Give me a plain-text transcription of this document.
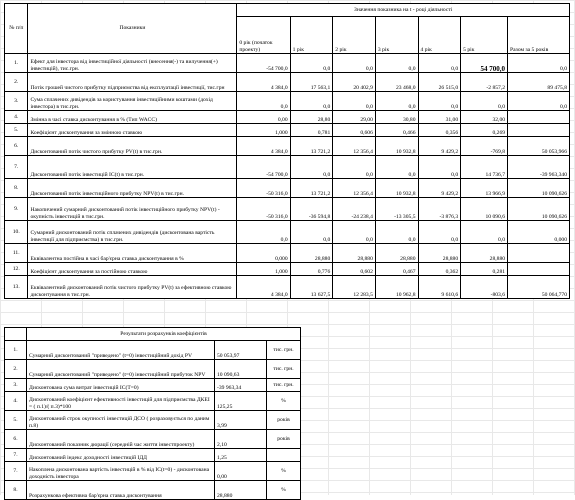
№ п/п	Показники	Значення показника на t - році діяльності						
		0 рік (початок проекту)	1 рік	2 рік	3 рік	4 рік	5 рік	Разом за 5 років
1.	Ефект для інвестора від інвестиційної діяльності (внесення(-) та вилучення(+) інвестицій), тис.грн.	-54 700,0	0,0	0,0	0,0	0,0	54 700,0	0,0
2.	Потік грошей чистого прибутку підприємства від експлуатації інвестиції, тис.грн	4 384,0	17 563,1	20 402,9	23 468,0	26 515,0	-2 857,2	89 475,8
3.	Сума сплачених дивідендів за користування інвестиційними коштами (дохід інвестора) в тис.грн.	0,0	0,0	0,0	0,0	0,0	0,0	0,0
4.	Змінна в часі ставка дисконтування в % (Тип WACC)	0,00	28,80	29,00	30,80	31,00	32,00	
5.	Коефіцієнт дисконтування за змінною ставкою	1,000	0,781	0,606	0,466	0,356	0,269	
6.	Дисконтований потік чистого прибутку PV(t) в тис.грн.	4 384,0	13 721,2	12 356,4	10 932,8	9 429,2	-769,8	50 053,966
7.	Дисконтований потік інвестицій IC(t) в тис.грн.	-54 700,0	0,0	0,0	0,0	0,0	14 736,7	-39 963,340
8.	Дисконтований потік інвестиційного прибутку NPV(t) в тис.грн.	-50 316,0	13 721,2	12 356,4	10 932,8	9 429,2	13 966,9	10 090,626
9.	Накопичений сумарний дисконтований потік інвестиційного прибутку NPV(t) - окупність інвестицій в тис.грн.	-50 316,0	-36 594,8	-24 238,4	-13 305,5	-3 876,3	10 090,6	10 090,626
10.	Сумарний дисконтований потік сплачених дивідендів (дисконтована вартість інвестиції для підприємства) в тис.грн.	0,0	0,0	0,0	0,0	0,0	0,0	0,000
11.	Еквівалентна постійна в часі бар'єрна ставка дисконтування в %	0,000	28,880	28,880	28,880	28,880	28,880	
12.	Коефіцієнт дисконтування за постійною ставкою	1,000	0,776	0,602	0,467	0,362	0,281	
13.	Еквівалентний дисконтований потік чистого прибутку PV(t) за ефективною ставкою дисконтування в тис.грн.	4 384,0	13 627,5	12 283,5	10 962,8	9 610,6	-803,6	50 064,770
	Результати розрахунків коефіцієнтів		
1.	Сумарний дисконтований "приведено" (t=0) інвестиційний дохід PV	50 053,97	тис. грн.
2.	Сумарний дисконтований "приведено" (t=0) інвестиційний прибуток NPV	10 090,63	тис. грн.
3.	Дисконтована сума витрат інвестицій IC(T=0)	-39 963,34	тис. грн.
4.	Дисконтований коефіцієнт ефективності інвестицій для підприємства ДКЕІ = ( п.1)/( п.3)*100	125,25	%
5.	Дисконтований строк окупності інвестицій ДСО ( розраховується по даним п.8)	3,99	років
6.	Дисконтований показник дюрації (середній час життя інвестпроекту)	2,10	років
7.	Дисконтований індекс доходності інвестицій ІДД	1,25	
7.	Накоплена дисконтована вартість інвестицій в % від IC(t=0) - дисконтована доходність інвестора	0,00	%
8.	Розрахункова ефективна бар'єрна ставка дисконтування	28,880	%
